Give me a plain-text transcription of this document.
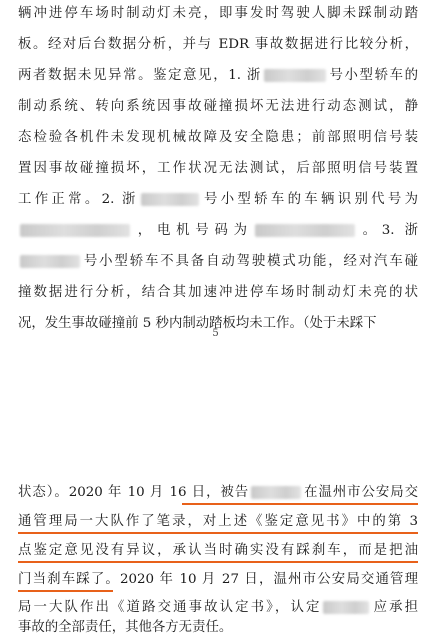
辆冲进停车场时制动灯未亮，即事发时驾驶人脚未踩制动踏
板。经对后台数据分析，并与 EDR 事故数据进行比较分析，
两者数据未见异常。鉴定意见，1. 浙	号小型轿车的
制动系统、转向系统因事故碰撞损坏无法进行动态测试，静
态检验各机件未发现机械故障及安全隐患；前部照明信号装
置因事故碰撞损坏，工作状况无法测试，后部照明信号装置
工作正常。2. 浙	号小型轿车的车辆识别代号为
，电机号码为	。3. 浙
号小型轿车不具备自动驾驶模式功能，经对汽车碰
撞数据进行分析，结合其加速冲进停车场时制动灯未亮的状
况，发生事故碰撞前 5 秒内制动踏板均未工作。（处于未踩下
5
状态）。2020 年 10 月 16 日，被告	在温州市公安局交
通管理局一大队作了笔录，对上述《鉴定意见书》中的第 3
点鉴定意见没有异议，承认当时确实没有踩刹车，而是把油
门当刹车踩了。2020 年 10 月 27 日，温州市公安局交通管理
局一大队作出《道路交通事故认定书》，认定	应承担
事故的全部责任，其他各方无责任。
